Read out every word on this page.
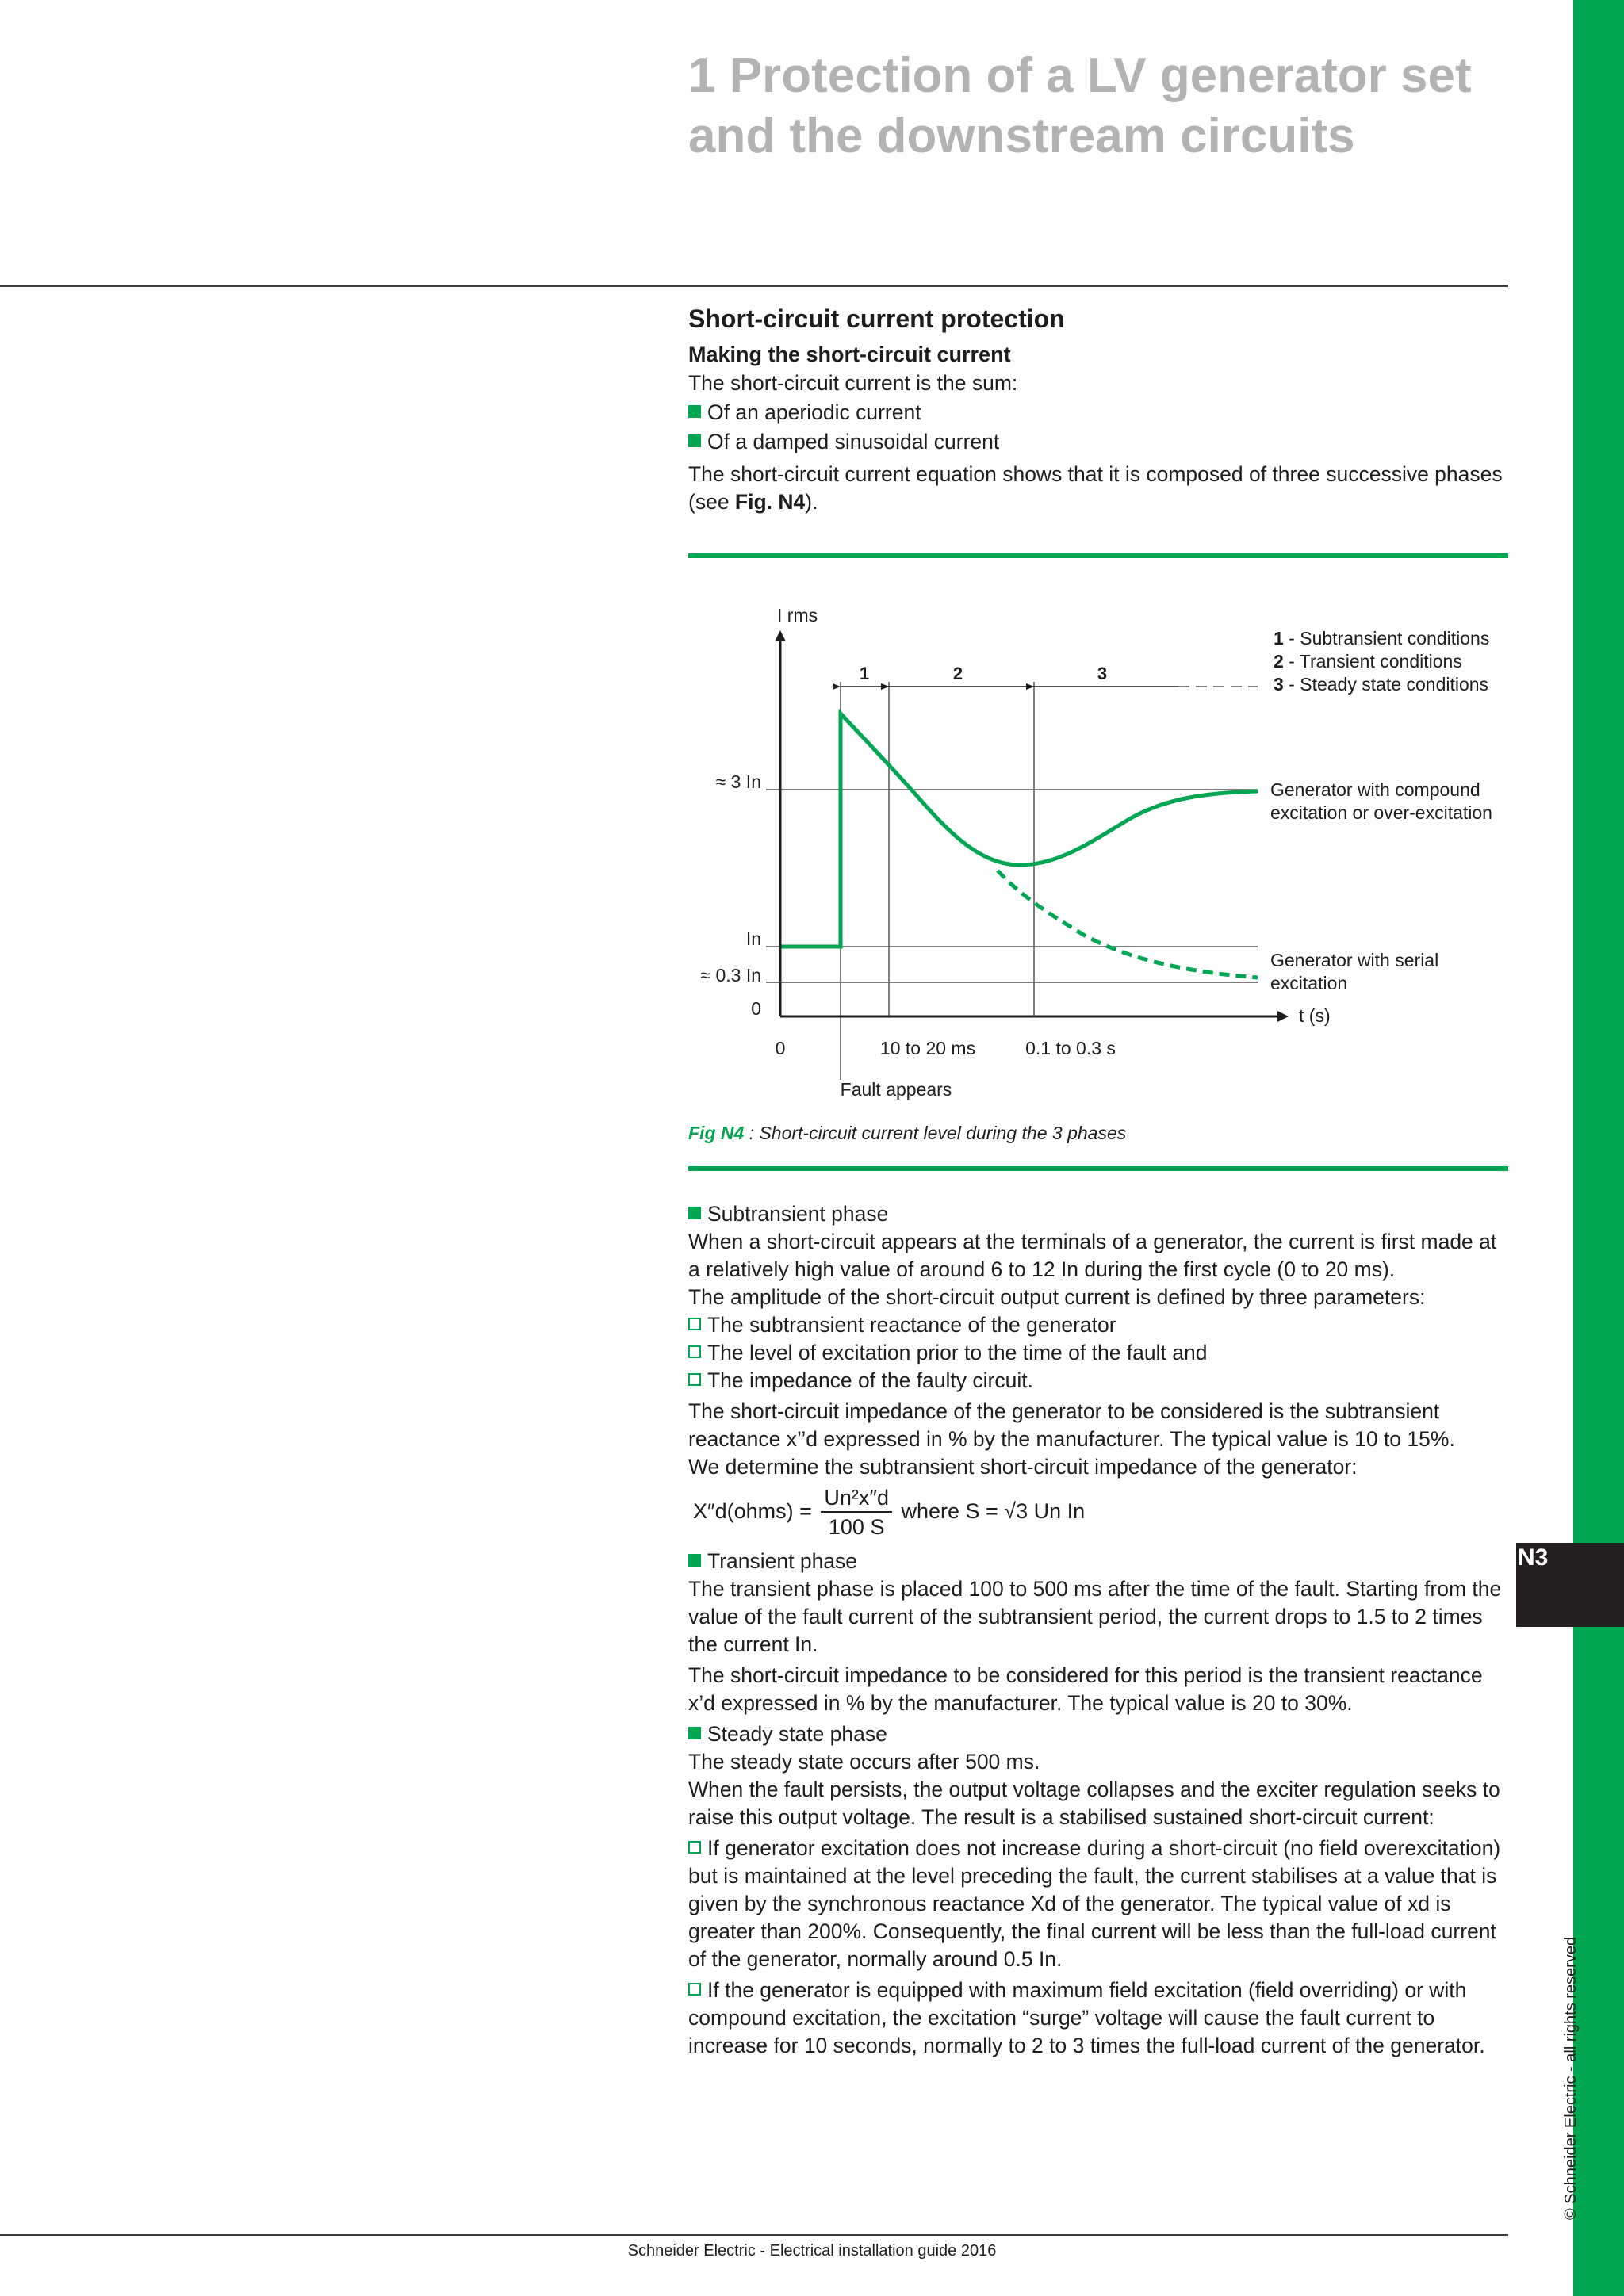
1 Protection of a LV generator set
and the downstream circuits
N3
© Schneider Electric - all rights reserved
Short-circuit current protection
Making the short-circuit current

The short-circuit current is the sum:

Of an aperiodic current

Of a damped sinusoidal current

The short-circuit current equation shows that it is composed of three successive phases (see Fig. N4).

1	2	3
I rms
t (s)
≈ 3 In
In
≈ 0.3 In
0
0	10 to 20 ms	0.1 to 0.3 s
Fault appears
1 - Subtransient conditions
2 - Transient conditions
3 - Steady state conditions
Generator with compound
excitation or over-excitation
Generator with serial
excitation
Fig N4 : Short-circuit current level during the 3 phases

Subtransient phase

When a short-circuit appears at the terminals of a generator, the current is first made at a relatively high value of around 6 to 12 In during the first cycle (0 to 20 ms).

The amplitude of the short-circuit output current is defined by three parameters:

The subtransient reactance of the generator

The level of excitation prior to the time of the fault and

The impedance of the faulty circuit.

The short-circuit impedance of the generator to be considered is the subtransient reactance x’’d expressed in % by the manufacturer. The typical value is 10 to 15%.

We determine the subtransient short-circuit impedance of the generator:

X″d(ohms) = $\frac{\text{Un²x″d}}{100 S}$ where S = √3 Un In

Transient phase

The transient phase is placed 100 to 500 ms after the time of the fault. Starting from the value of the fault current of the subtransient period, the current drops to 1.5 to 2 times the current In.

The short-circuit impedance to be considered for this period is the transient reactance x’d expressed in % by the manufacturer. The typical value is 20 to 30%.

Steady state phase

The steady state occurs after 500 ms.

When the fault persists, the output voltage collapses and the exciter regulation seeks to raise this output voltage. The result is a stabilised sustained short-circuit current:

If generator excitation does not increase during a short-circuit (no field overexcitation) but is maintained at the level preceding the fault, the current stabilises at a value that is given by the synchronous reactance Xd of the generator. The typical value of xd is greater than 200%. Consequently, the final current will be less than the full-load current of the generator, normally around 0.5 In.

If the generator is equipped with maximum field excitation (field overriding) or with compound excitation, the excitation “surge” voltage will cause the fault current to increase for 10 seconds, normally to 2 to 3 times the full-load current of the generator.

Schneider Electric - Electrical installation guide 2016
